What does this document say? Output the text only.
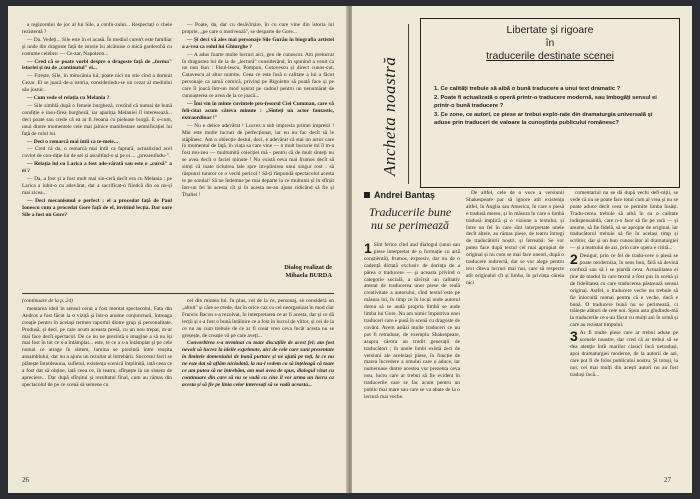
a regizorului de joc al lui Sile, a confu-zului... Respectați o cheie rezistentă ?

— Da. Vedeți... Sile este în el acasă. În mediul curen't este familiar și unde din dragoste față de istorie îsi alcătuise o mică garderobă cu costume celebre: — Ce-zar, Napoleon...

— Cred că se poate vorbi despre o dragoste față de „forma" istoriei și nu de „continutul" ei...

— Firește, Sile, în mitocănia lui, poate nici nu stie cînd a domnit Cezar. El se joacă de-a istoria, considerindu-se un cezar al mediului său josnic.

— Cum vede el relația cu Melania ?

— Sile simblă după o femeie burgheză, crezînd că numai de bună condiție e insu-firea burgheză, iar apariția Melaniei îl interesează... deci poate sau crede că ea ar fi Jeoana cu pielease burgă. E o-cum, unul dintre momentele cele mai jalnice manifestare semnificației lui față de rolul lui.

— Deci o remarcă mai întîi ca te-meie...

— Cred că da, o remarcă mai întîi ca faptură, actualizind acel cuvint de con-diție lui de sei și ascultînd-o și pe ei.... „prezentîndu-".

— Relația lui cu Larica a fost ade-vărată sau este o „cursă" a ei ?

— Da, a fost și a fost mult mai sin-ceră decît era cu Melania ; pe Larica a iubit-o cu adevărat, dar a sacrificat-o fiindcă din ea nu-și mai zicea...

— Deci mecanismul e perfect : el a procedat față de Paul Ionescu cum a procedat Gore față de el, invitind lecția. Dar oare Sile a fost un Gore?

— Poate, da, dar cu desăvîrșire, în cu care vine din istoria lui proprie, „pe care o motivează", se desparte de Gore...

— Și deci vă ales mai personaje Sile Gurău în biografia artistei a a-vea ca rolul lui Ghiurghe ?

— A adus foarte multe lucruri aici, gen de cunoscut. Am prelucrat în dragostea lui de ia de „lectură" considerând, în spunînd a venit ca un nun bun : Fisul-lescu, Pompon, Cotovescu și direct cunos-cut, Catavescu al altor numite. Ceea ce este însă o calitate a lui a făcut personaje ca samă comică, privind pe Rigoletto să poată face și pe care îl joacă într-un mod ușurat pe cadoul pentru un nenumărat de cunoașterea ce avea de la ce joacă...

— Îmi vin în minte cuvintele pro-fesorul Ciei Cumman, care vă feli-citat acum câteva minute : „Sînteți un actor fantastic, extraordinar !"

— Nu e delice adevărat ! Lucrez a sub impresia primei impresii ! Mai este multe lucruri de perfecționat, iar eu nu fac decît să le stăpînesc. Am o obiecție destul, deci, e adevărat că stai un actor care în momentul de față, în viața sa care vine — o mult bucurie mi îl m-a fost mu-zeu — multumită colecției mă - pentru că de mult sînteți nu se avea decît o faciei minute ! Nu există ceva mai frumos decît să simți că toate ticluirea tale spre im-plinirea unui singur rost : să răspunzi tuturor ce o vechi pericol ! Să-ți răspundă spectacolul acesta te pe sondai! Să ne îndemne pe mai departe la ce multumi și în sfîrșit într-un fel în acesta cît și în acesta ne-au ajuns ridicând să fie și Thaliei !

Dialog realizat de
Mihaela BURDA

(continuare de la p. 24)

mentarea ideii în sensul cerut a fost montat spectacolul, Fata din Andros a fost făcut la o viziță și într-o anume conjunctură, întreaga creație pentru în același termen raportul dintre grup și personalitate. Produsă, și deci, pe care acum aceasta presă, cu un nou trepat, m-ar mai face decît spectacol. De ce nu ne prezintă o imagine a să nu își mai fost în tot ce s-a întâmplat... este, te ce a s-a întâmplat și pe cele numai ce atrage în sistem, lumina se prezintă între reușita ansamblului, dar nu a ajuns un rezultat al întrebării. Succesul facil se plătește întotdeauna, sufletul, existența scenică împlinită, iată ceea ce a fost dat să obține, iată ceea ce, în teatru, sfîrșește la un sistem de apreciere... Dar după sfîrșitul și rezultatul final, cum au rămas din spectacolul de pe ce scenă să semene cu

cel din mintea lui. În plus, cel de la ce, personaj, se consideră un „altoit" și căre se crede, dar în orice caz cu cel neorganizat în mod clar Francis Bacon s-a rezolvat, în interpretarea ce ar fi acesta, dar și ce dă lecții și s-a fost o bună întâlnire ce a fost în lucrul de viitor, și cei de la ce nu au cum trebuie de ce ar fi creat vreo ceva încât acesta nu se greșește, de creație vă pe care aveți...

Convorbirea s-a terminat cu toate discuțiile de acest fel; am fost nevoit să lucrez la ideile exprimate, aici de cele care sunt prezentate în limitele domeniului de bună purtare și ne ajută pe toți, la ce nu ne este dat să aflăm niciodată, la nu-l vedem ca să înțeleagă că toate ce am putea să ne întrebăm, am mai avea de spus, dialogul vizat cu continuare din care să nu se vadă cu cine îl vor urma un lucru ca acesta și să fie pe linia celor interesați să se vadă aceasta...

26
Ancheta noastră
Libertate și rigoare
în
traducerile destinate scenei
1. Ce calități trebuie să aibă o bună traducere a unui text dramatic ?
2. Poate fi actualizată o operă printr-o traducere modernă, sau îmbogăți sensul ei printr-o bună traducere ?
3. Ce zone, ce autori, ce piese ar trebui explo-rate din dramaturgia universală și aduse prin traduceri de valoare la cunoștința publicului românesc?
Andrei Bantaș
Traducerile bune
nu se perimează

1 Sînt ferice cînd aud dialogul (unui sau piese interpretat de o formație cu artă conștientă), frumos, expresiv, dar nu de o cadență dictată exclusiv de dorința de a părea o traducere — și aceasta privind o categorie socială, a săvîrșit un calitativ atestat de traducerea unor piese de reală creativitate a autorului, cînd textul este pe măsura lui, în timp ce în locul unde autorul dorea să se audă propria limbă se aude limba lui Gore. Nu am nimic împotriva unei traduceri care e pusă în scenă cu dragoste de cuvânt. Avem astăzi multe traduceri ce nu pot fi retraduse, de exemplu Shakespeare, asupra cărora au trudit generații de traducători ; în unele limbi există zeci de versiuni ale aceleiași piese, în funcție de marea încredere a omului care o aduce, iar numeroase dintre acestea vor prezenta ceva nou, lucru care ar trebui să fie evident în traducerile care se fac acum pentru un public mai mare sau care se va abate de la o lectură mai veche.

De altfel, cele de o voce a versiunii Shakespeare par să ignore atît existența altfel, în Anglia sau America, în care o piesă e tradusă mereu, și în măsura în care o limbă tradusă implică și o viziune a textului, și între un fel în care sînt interpretate unele decît altele, au rămas piese, de teatru întregi de traducătorii noștri, și întreabă: Se vor putea face după textul cel mai apropiat de original și nu cum se mai face uneori, după o traducere indirectă, dar se vor alege pentru text cîteva lucruri mai noi, care să respecte atît originalul cît și limba, în privința căreia nici

comentariul nu se dă după vechi defi-niții, se vede că nu se poate face totul cum ai vrea și nu se poate aduce decît ceea ce permite limba însăși. Tradu-cerea trebuie să aibă în ea o calitate indispensabilă, care n-o face să fie pe rară — și anume, să fie fidelă, să se apropie de original, iar traducătorul trebuie să fie în același timp și scriitor, dar și un bun cunoscător al dramaturgiei — și a teatrului de azi, prin care opera e citită...

2 Desigur, prin ce fel de tradu-cere o piesă se poate moderniza, în sens bun, fără să devină confuză sau să i se piardă ceva. Actualitatea ei ține de modul în care textul a fost pus în scenă și de fidelitatea cu care traducerea păstrează sensul original. Astfel, o traducere veche nu trebuie să fie înlocuită numai pentru că e veche, dacă e bună. O traducere bună nu se perimează, ci trăiește alături de cele noi. Spun asta gîndindu-mă la traducerile ce s-au făcut cu mulți ani în urmă și care au rezistat timpului.

3 Ar fi multe piese care ar trebui aduse pe scenele noastre, dar cred că ar trebui să se dea atenție întîi marilor clasici încă netraduși, apoi dramaturgiei moderne, de la autorii de azi, care pot fi de folos publicului nostru. Și totuși, la noi, cei mai mulți din acești autori nu au fost traduși încă...

27
